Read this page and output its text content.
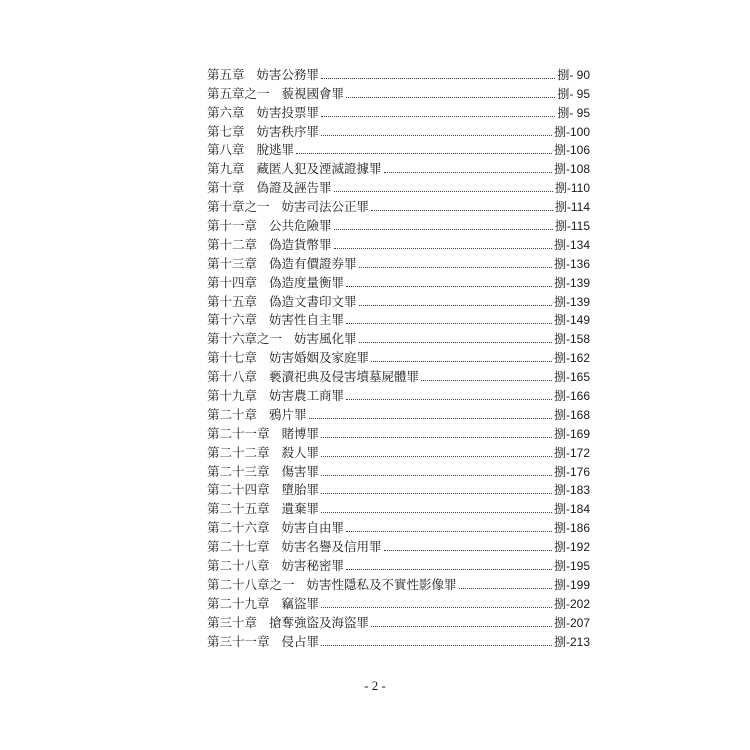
第五章 妨害公務罪	捌- 90
第五章之一 藐視國會罪	捌- 95
第六章 妨害投票罪	捌- 95
第七章 妨害秩序罪	捌-100
第八章 脫逃罪	捌-106
第九章 藏匿人犯及湮滅證據罪	捌-108
第十章 偽證及誣告罪	捌-110
第十章之一 妨害司法公正罪	捌-114
第十一章 公共危險罪	捌-115
第十二章 偽造貨幣罪	捌-134
第十三章 偽造有價證券罪	捌-136
第十四章 偽造度量衡罪	捌-139
第十五章 偽造文書印文罪	捌-139
第十六章 妨害性自主罪	捌-149
第十六章之一 妨害風化罪	捌-158
第十七章 妨害婚姻及家庭罪	捌-162
第十八章 褻瀆祀典及侵害墳墓屍體罪	捌-165
第十九章 妨害農工商罪	捌-166
第二十章 鴉片罪	捌-168
第二十一章 賭博罪	捌-169
第二十二章 殺人罪	捌-172
第二十三章 傷害罪	捌-176
第二十四章 墮胎罪	捌-183
第二十五章 遺棄罪	捌-184
第二十六章 妨害自由罪	捌-186
第二十七章 妨害名譽及信用罪	捌-192
第二十八章 妨害秘密罪	捌-195
第二十八章之一 妨害性隱私及不實性影像罪	捌-199
第二十九章 竊盜罪	捌-202
第三十章 搶奪強盜及海盜罪	捌-207
第三十一章 侵占罪	捌-213
- 2 -
